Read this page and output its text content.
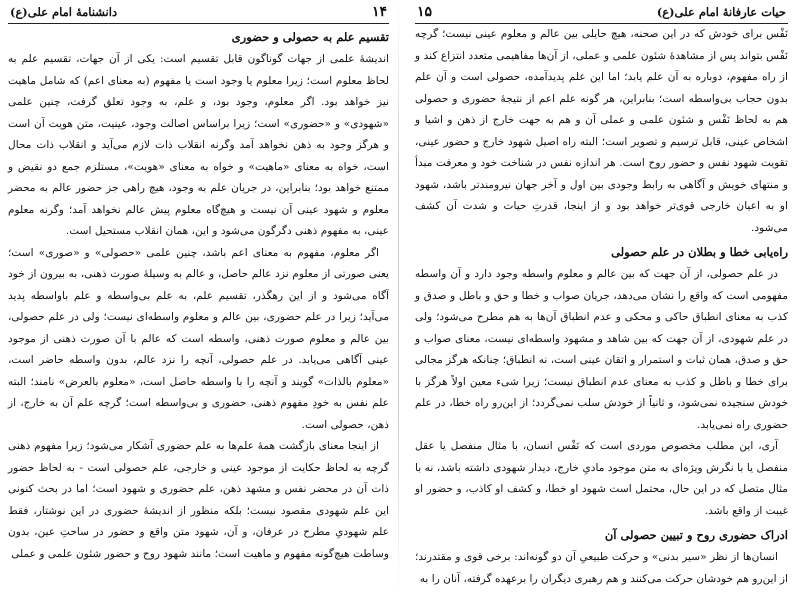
۱۴
دانشنامهٔ امام علی(ع)
تقسیم علم به حصولی و حضوری

اندیشهٔ علمی از جهات گوناگون قابل تقسیم است: یکی از آن جهات، تقسیم علم به لحاظ معلوم است؛ زیرا معلوم یا وجود است یا مفهوم (به معنای اعم) که شامل ماهیت نیز خواهد بود. اگر معلوم، وجود بود، و علم، به وجود تعلق گرفت، چنین علمی «شهودی» و «حضوری» است؛ زیرا براساس اصالت وجود، عینیت، متن هویت آن است و هرگز وجود به ذهن نخواهد آمد وگرنه انقلاب ذات لازم می‌آید و انقلاب ذات محال است، خواه به معنای «ماهیت» و خواه به معنای «هویت»، مستلزم جمع دو نقیض و ممتنع خواهد بود؛ بنابراین، در جریان علم به وجود، هیچ راهی جز حضور عالم به محضر معلوم و شهود عینی آن نیست و هیچ‌گاه معلوم پیش عالم نخواهد آمد؛ وگرنه معلوم عینی، به مفهوم ذهنی دگرگون می‌شود و این، همان انقلاب مستحیل است.

اگر معلوم، مفهوم به معنای اعم باشد، چنین علمی «حصولی» و «صوری» است؛ یعنی صورتی از معلوم نزد عالم حاصل، و عالم به وسیلهٔ صورت ذهنی، به بیرون از خود آگاه می‌شود و از این رهگذر، تقسیم علم، به علم بی‌واسطه و علم باواسطه پدید می‌آید؛ زیرا در علم حضوری، بین عالم و معلوم واسطه‌ای نیست؛ ولی در علم حصولی، بین عالم و معلوم صورت ذهنی، واسطه است که عالم با آن صورت ذهنی از موجود عینی آگاهی می‌یابد. در علم حصولی، آنچه را نزد عالم، بدون واسطه حاضر است، «معلوم بالذات» گویند و آنچه را با واسطه حاصل است، «معلوم بالعرض» نامند؛ البته علم نفس به خودِ مفهوم ذهنی، حضوری و بی‌واسطه است؛ گرچه علم آن به خارج، از ذهن، حصولی است.

از اینجا معنای بازگشت همهٔ علم‌ها به علم حضوری آشکار می‌شود؛ زیرا مفهوم ذهنی گرچه به لحاظ حکایت از موجود عینی و خارجی، علم حصولی است - به لحاظ حضور ذات آن در محضر نفس و مشهد ذهن، علم حضوری و شهود است؛ اما در بحث کنونی این علم شهودی مقصود نیست؛ بلکه منظور از اندیشهٔ حضوری در این نوشتار، فقط علم شهودیِ مطرح در عرفان، و آن، شهود متن واقع و حضور در ساحتِ عین، بدون وساطت هیچ‌گونه مفهوم و ماهیت است؛ مانند شهود روح و حضور شئون علمی و عملی

حیات عارفانهٔ امام علی(ع)
۱۵

نَفْس برای خودش که در این صحنه، هیچ حایلی بین عالم و معلوم عینی نیست؛ گرچه نَفْس بتواند پس از مشاهدهٔ شئون علمی و عملی، از آن‌ها مفاهیمی متعدد انتزاع کند و از راه مفهوم، دوباره به آن علم یابد؛ اما این علم پدیدآمده، حصولی است و آن علم بدون حجاب بی‌واسطه است؛ بنابراین، هر گونه علم اعم از نتیجهٔ حضوری و حصولی هم به لحاظ نَفْس و شئون علمی و عملی آن و هم به جهت خارج از ذهن و اشیا و اشخاص عینی، قابل ترسیم و تصویر است؛ البته راه اصیل شهود خارج و حضور عینی، تقویت شهود نفس و حضور روح است. هر اندازه نفس در شناخت خود و معرفت مبدأ و منتهای خویش و آگاهی به رابط وجودی بین اول و آخر جهان نیرومندتر باشد، شهود او به اعیان خارجی قوی‌تر خواهد بود و از اینجا، قدرتِ حیات و شدت آن کشف می‌شود.

راه‌یابی خطا و بطلان در علم حصولی

در علم حصولی، از آن جهت که بین عالم و معلوم واسطه وجود دارد و آن واسطه مفهومی است که واقع را نشان می‌دهد، جریان صواب و خطا و حق و باطل و صدق و کذب به معنای انطباق حاکی و محکی و عدم انطباق آن‌ها به هم مطرح می‌شود؛ ولی در علم شهودی، از آن جهت که بین شاهد و مشهود واسطه‌ای نیست، معنای صواب و حق و صدق، همان ثبات و استمرار و اتقان عینی است، نه انطباق؛ چنانکه هرگز مجالی برای خطا و باطل و کذب به معنای عدم انطباق نیست؛ زیرا شیء معین اولاً هرگز با خودش سنجیده نمی‌شود، و ثانیاً از خودش سلب نمی‌گردد؛ از این‌رو راه خطا، در علم حضوری راه نمی‌یابد.

آری، این مطلب مخصوص موردی است که نَفْس انسان، با مثال منفصل یا عقل منفصل یا با نگرش ویژه‌ای به متن موجود مادیِ خارج، دیدار شهودی داشته باشد، نه با مثال متصل که در این حال، محتمل است شهود او خطا، و کشف او کاذب، و حضور او غیبت از واقع باشد.

ادراک حضوری روح و تبیین حصولی آن

انسان‌ها از نظر «سیر بدنی» و حرکت طبیعیِ آن دو گونه‌اند: برخی قوی و مقتدرند؛ از این‌رو هم خودشان حرکت می‌کنند و هم رهبری دیگران را برعهده گرفته، آنان را به
